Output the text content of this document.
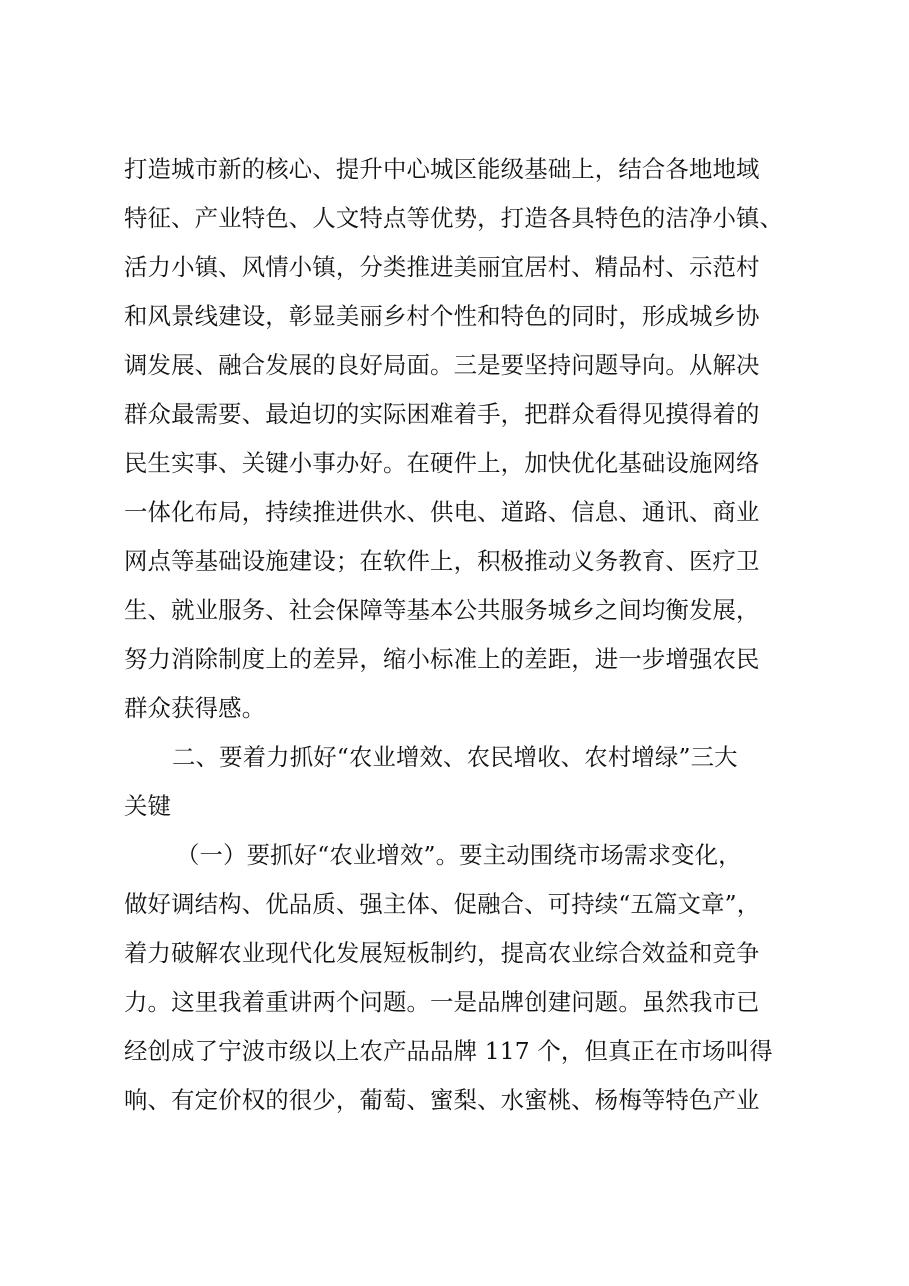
打造城市新的核心、提升中心城区能级基础上，结合各地地域
特征、产业特色、人文特点等优势，打造各具特色的洁净小镇、
活力小镇、风情小镇，分类推进美丽宜居村、精品村、示范村
和风景线建设，彰显美丽乡村个性和特色的同时，形成城乡协
调发展、融合发展的良好局面。三是要坚持问题导向。从解决
群众最需要、最迫切的实际困难着手，把群众看得见摸得着的
民生实事、关键小事办好。在硬件上，加快优化基础设施网络
一体化布局，持续推进供水、供电、道路、信息、通讯、商业
网点等基础设施建设；在软件上，积极推动义务教育、医疗卫
生、就业服务、社会保障等基本公共服务城乡之间均衡发展，
努力消除制度上的差异，缩小标准上的差距，进一步增强农民
群众获得感。
二、要着力抓好“农业增效、农民增收、农村增绿”三大
关键
（一）要抓好“农业增效”。要主动围绕市场需求变化，
做好调结构、优品质、强主体、促融合、可持续“五篇文章”，
着力破解农业现代化发展短板制约，提高农业综合效益和竞争
力。这里我着重讲两个问题。一是品牌创建问题。虽然我市已
经创成了宁波市级以上农产品品牌 117 个，但真正在市场叫得
响、有定价权的很少，葡萄、蜜梨、水蜜桃、杨梅等特色产业
